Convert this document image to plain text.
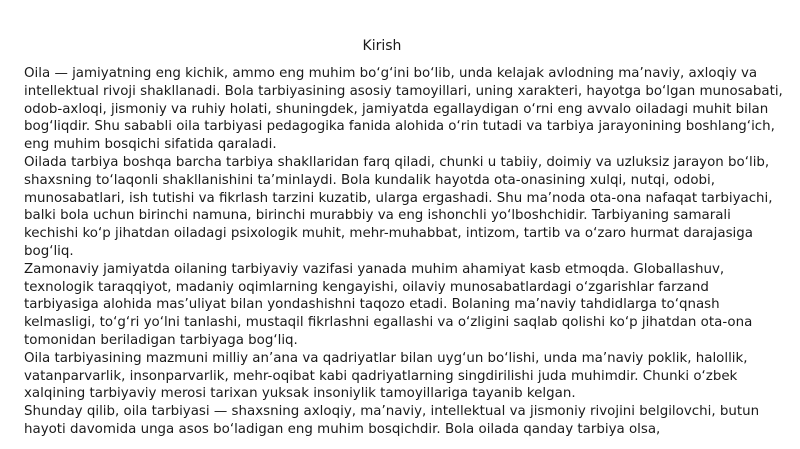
Kirish

Oila — jamiyatning eng kichik, ammo eng muhim bo‘g‘ini bo‘lib, unda kelajak avlodning ma’naviy, axloqiy va intellektual rivoji shakllanadi. Bola tarbiyasining asosiy tamoyillari, uning xarakteri, hayotga bo‘lgan munosabati, odob-axloqi, jismoniy va ruhiy holati, shuningdek, jamiyatda egallaydigan o‘rni eng avvalo oiladagi muhit bilan bog‘liqdir. Shu sababli oila tarbiyasi pedagogika fanida alohida o‘rin tutadi va tarbiya jarayonining boshlang‘ich, eng muhim bosqichi sifatida qaraladi.

Oilada tarbiya boshqa barcha tarbiya shakllaridan farq qiladi, chunki u tabiiy, doimiy va uzluksiz jarayon bo‘lib, shaxsning to‘laqonli shakllanishini ta’minlaydi. Bola kundalik hayotda ota-onasining xulqi, nutqi, odobi, munosabatlari, ish tutishi va fikrlash tarzini kuzatib, ularga ergashadi. Shu ma’noda ota-ona nafaqat tarbiyachi, balki bola uchun birinchi namuna, birinchi murabbiy va eng ishonchli yo‘lboshchidir. Tarbiyaning samarali kechishi ko‘p jihatdan oiladagi psixologik muhit, mehr-muhabbat, intizom, tartib va o‘zaro hurmat darajasiga bog‘liq.

Zamonaviy jamiyatda oilaning tarbiyaviy vazifasi yanada muhim ahamiyat kasb etmoqda. Globallashuv, texnologik taraqqiyot, madaniy oqimlarning kengayishi, oilaviy munosabatlardagi o‘zgarishlar farzand tarbiyasiga alohida mas’uliyat bilan yondashishni taqozo etadi. Bolaning ma’naviy tahdidlarga to‘qnash kelmasligi, to‘g‘ri yo‘lni tanlashi, mustaqil fikrlashni egallashi va o‘zligini saqlab qolishi ko‘p jihatdan ota-ona tomonidan beriladigan tarbiyaga bog‘liq.

Oila tarbiyasining mazmuni milliy an’ana va qadriyatlar bilan uyg‘un bo‘lishi, unda ma’naviy poklik, halollik, vatanparvarlik, insonparvarlik, mehr-oqibat kabi qadriyatlarning singdirilishi juda muhimdir. Chunki o‘zbek xalqining tarbiyaviy merosi tarixan yuksak insoniylik tamoyillariga tayanib kelgan.

Shunday qilib, oila tarbiyasi — shaxsning axloqiy, ma’naviy, intellektual va jismoniy rivojini belgilovchi, butun hayoti davomida unga asos bo‘ladigan eng muhim bosqichdir. Bola oilada qanday tarbiya olsa,
